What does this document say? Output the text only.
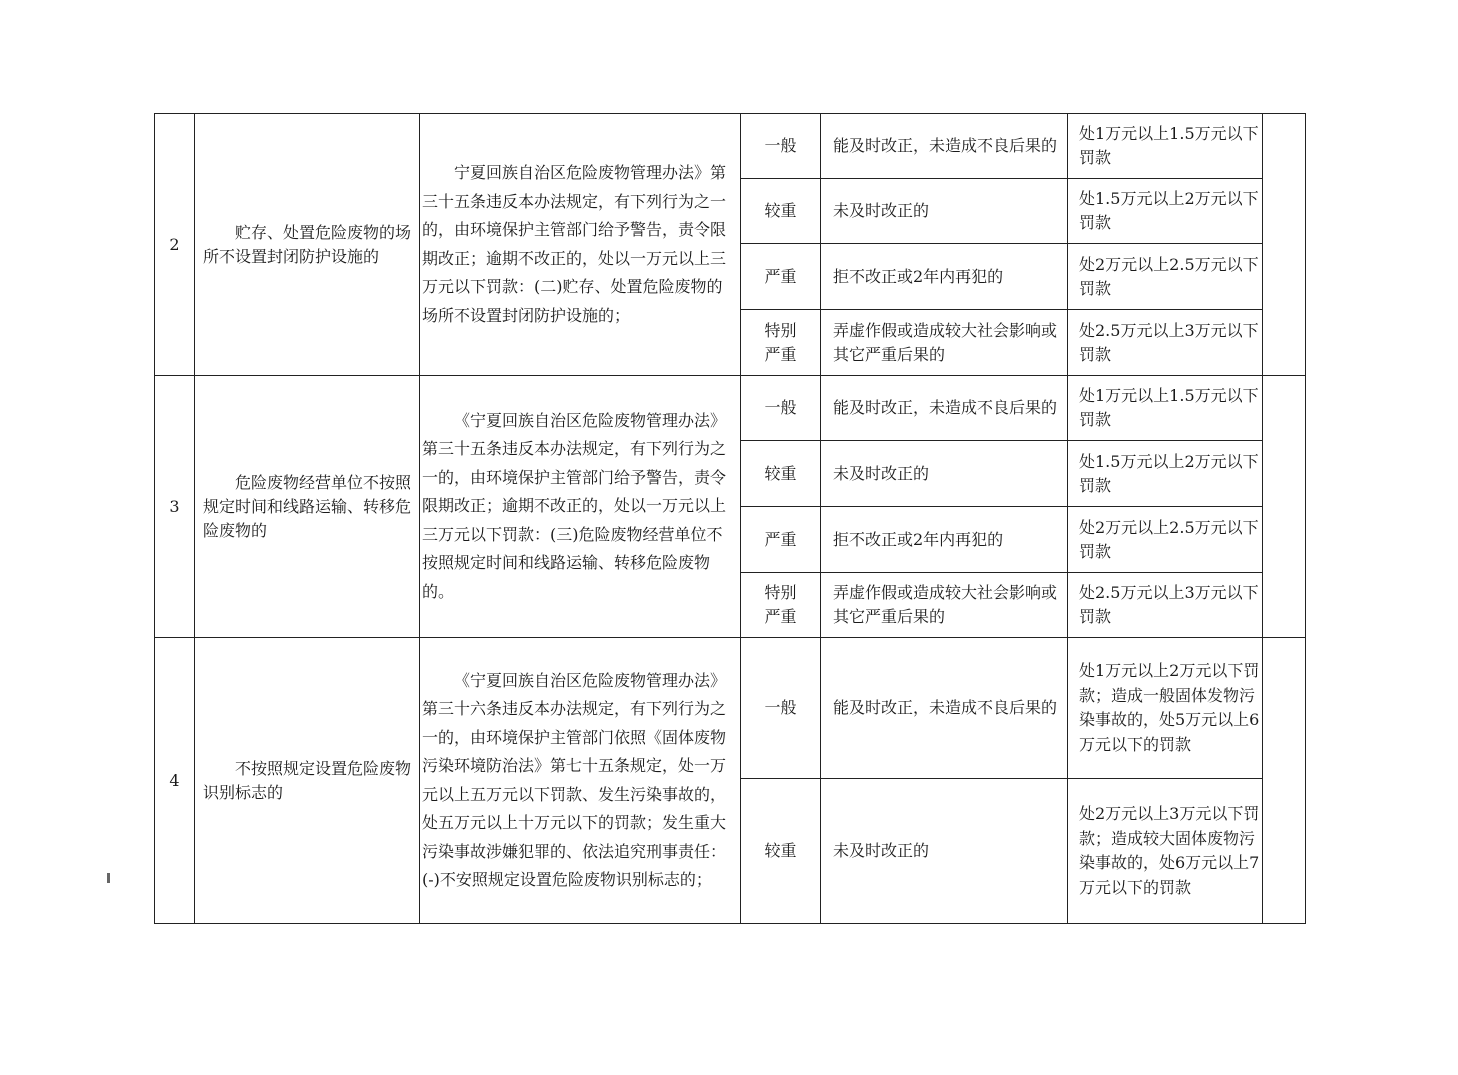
2	贮存、处置危险废物的场所不设置封闭防护设施的	宁夏回族自治区危险废物管理办法》第三十五条违反本办法规定，有下列行为之一的，由环境保护主管部门给予警告，责令限期改正；逾期不改正的，处以一万元以上三万元以下罚款：(二)贮存、处置危险废物的场所不设置封闭防护设施的；	一般	能及时改正，未造成不良后果的	处1万元以上1.5万元以下罚款	
			较重	未及时改正的	处1.5万元以上2万元以下罚款	
			严重	拒不改正或2年内再犯的	处2万元以上2.5万元以下罚款	
			特别严重	弄虚作假或造成较大社会影响或其它严重后果的	处2.5万元以上3万元以下罚款	
3	危险废物经营单位不按照规定时间和线路运输、转移危险废物的	《宁夏回族自治区危险废物管理办法》第三十五条违反本办法规定，有下列行为之一的，由环境保护主管部门给予警告，责令限期改正；逾期不改正的，处以一万元以上三万元以下罚款：(三)危险废物经营单位不按照规定时间和线路运输、转移危险废物的。	一般	能及时改正，未造成不良后果的	处1万元以上1.5万元以下罚款	
			较重	未及时改正的	处1.5万元以上2万元以下罚款	
			严重	拒不改正或2年内再犯的	处2万元以上2.5万元以下罚款	
			特别严重	弄虚作假或造成较大社会影响或其它严重后果的	处2.5万元以上3万元以下罚款	
4	不按照规定设置危险废物识别标志的	《宁夏回族自治区危险废物管理办法》第三十六条违反本办法规定，有下列行为之一的，由环境保护主管部门依照《固体废物污染环境防治法》第七十五条规定，处一万元以上五万元以下罚款、发生污染事故的，处五万元以上十万元以下的罚款；发生重大污染事故涉嫌犯罪的、依法追究刑事责任：(-)不安照规定设置危险废物识别标志的；	一般	能及时改正，未造成不良后果的	处1万元以上2万元以下罚款；造成一般固体发物污染事故的，处5万元以上6万元以下的罚款	
			较重	未及时改正的	处2万元以上3万元以下罚款；造成较大固体废物污染事故的，处6万元以上7万元以下的罚款	
